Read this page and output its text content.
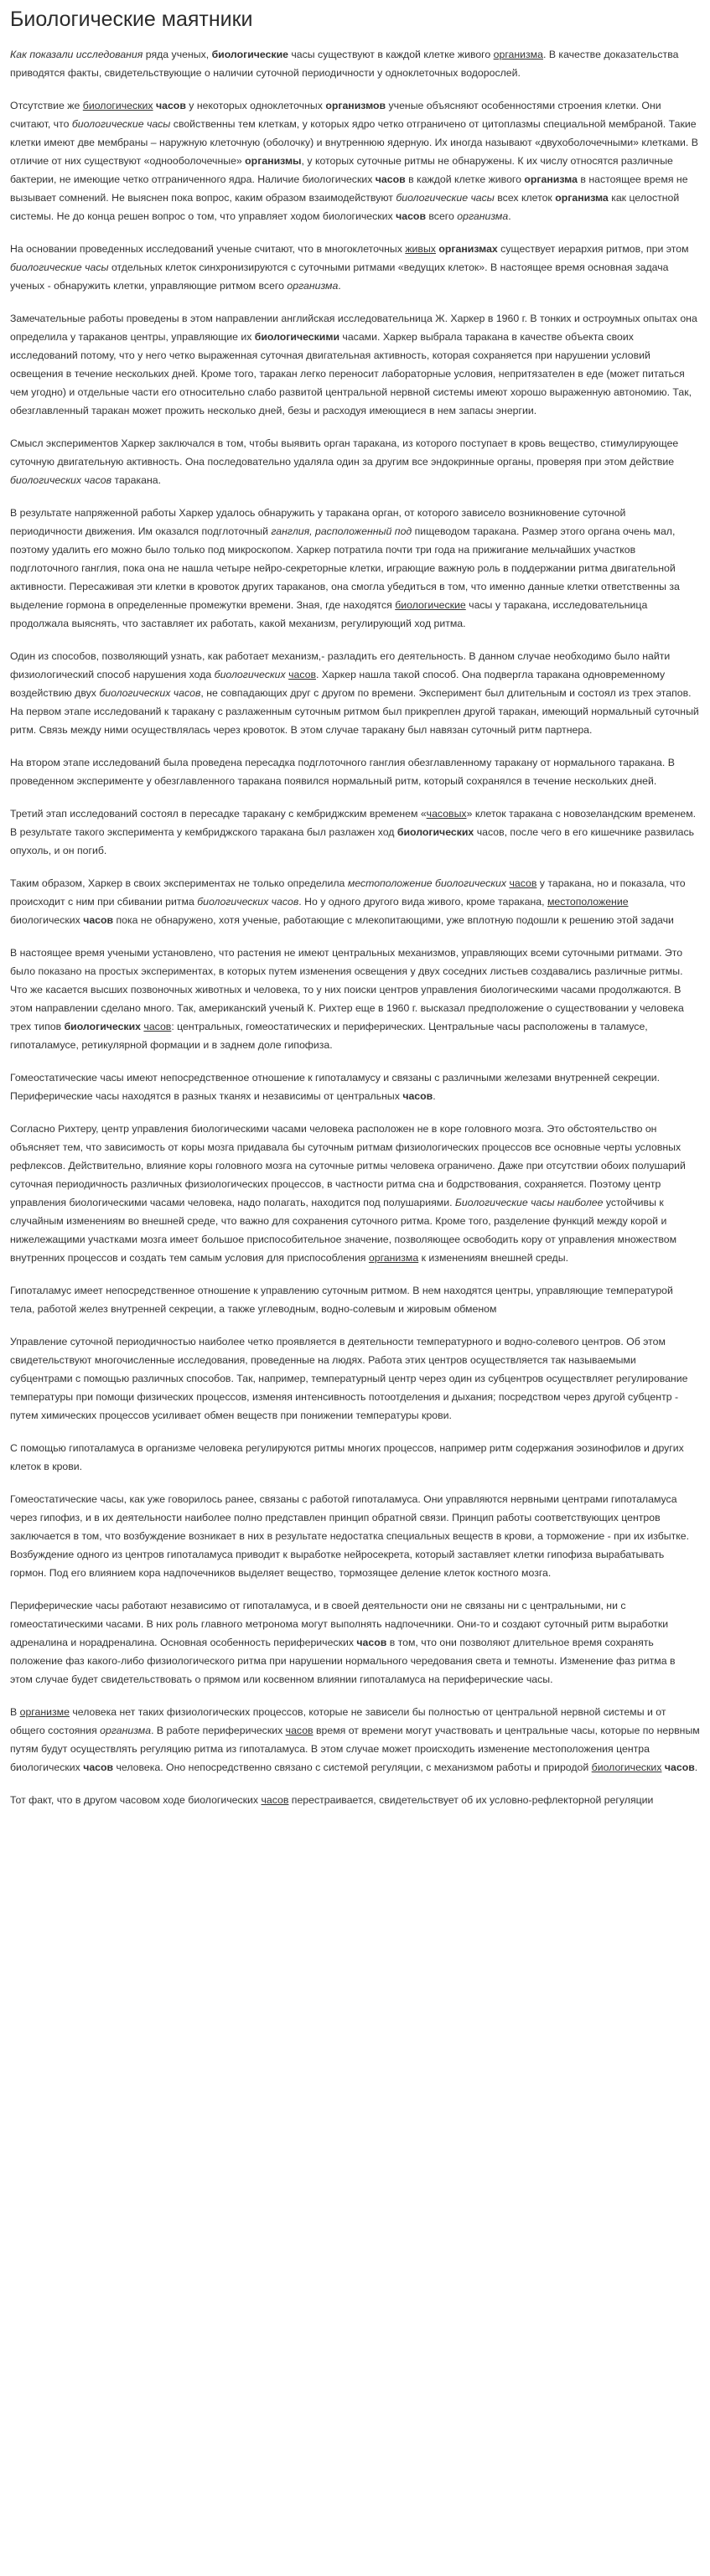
Биологические маятники

Как показали исследования ряда ученых, биологические часы существуют в каждой клетке живого организма. В качестве доказательства приводятся факты, свидетельствующие о наличии суточной периодичности у одноклеточных водорослей.

Отсутствие же биологических часов у некоторых одноклеточных организмов ученые объясняют особенностями строения клетки. Они считают, что биологические часы свойственны тем клеткам, у которых ядро четко отграничено от цитоплазмы специальной мембраной. Такие клетки имеют две мембраны – наружную клеточную (оболочку) и внутреннюю ядерную. Их иногда называют «двухоболочечными» клетками. В отличие от них существуют «однооболочечные» организмы, у которых суточные ритмы не обнаружены. К их числу относятся различные бактерии, не имеющие четко отграниченного ядра. Наличие биологических часов в каждой клетке живого организма в настоящее время не вызывает сомнений. Не выяснен пока вопрос, каким образом взаимодействуют биологические часы всех клеток организма как целостной системы. Не до конца решен вопрос о том, что управляет ходом биологических часов всего организма.

На основании проведенных исследований ученые считают, что в многоклеточных живых организмах существует иерархия ритмов, при этом биологические часы отдельных клеток синхронизируются с суточными ритмами «ведущих клеток». В настоящее время основная задача ученых - обнаружить клетки, управляющие ритмом всего организма.

Замечательные работы проведены в этом направлении английская исследовательница Ж. Харкер в 1960 г. В тонких и остроумных опытах она определила у тараканов центры, управляющие их биологическими часами. Харкер выбрала таракана в качестве объекта своих исследований потому, что у него четко выраженная суточная двигательная активность, которая сохраняется при нарушении условий освещения в течение нескольких дней. Кроме того, таракан легко переносит лабораторные условия, непритязателен в еде (может питаться чем угодно) и отдельные части его относительно слабо развитой центральной нервной системы имеют хорошо выраженную автономию. Так, обезглавленный таракан может прожить несколько дней, безы и расходуя имеющиеся в нем запасы энергии.

Смысл экспериментов Харкер заключался в том, чтобы выявить орган таракана, из которого поступает в кровь вещество, стимулирующее суточную двигательную активность. Она последовательно удаляла один за другим все эндокринные органы, проверяя при этом действие биологических часов таракана.

В результате напряженной работы Харкер удалось обнаружить у таракана орган, от которого зависело возникновение суточной периодичности движения. Им оказался подглоточный ганглия, расположенный под пищеводом таракана. Размер этого органа очень мал, поэтому удалить его можно было только под микроскопом. Харкер потратила почти три года на прижигание мельчайших участков подглоточного ганглия, пока она не нашла четыре нейро-секреторные клетки, играющие важную роль в поддержании ритма двигательной активности. Пересаживая эти клетки в кровоток других тараканов, она смогла убедиться в том, что именно данные клетки ответственны за выделение гормона в определенные промежутки времени. Зная, где находятся биологические часы у таракана, исследовательница продолжала выяснять, что заставляет их работать, какой механизм, регулирующий ход ритма.

Один из способов, позволяющий узнать, как работает механизм,- разладить его деятельность. В данном случае необходимо было найти физиологический способ нарушения хода биологических часов. Харкер нашла такой способ. Она подвергла таракана одновременному воздействию двух биологических часов, не совпадающих друг с другом по времени. Эксперимент был длительным и состоял из трех этапов. На первом этапе исследований к таракану с разлаженным суточным ритмом был прикреплен другой таракан, имеющий нормальный суточный ритм. Связь между ними осуществлялась через кровоток. В этом случае таракану был навязан суточный ритм партнера.

На втором этапе исследований была проведена пересадка подглоточного ганглия обезглавленному таракану от нормального таракана. В проведенном эксперименте у обезглавленного таракана появился нормальный ритм, который сохранялся в течение нескольких дней.

Третий этап исследований состоял в пересадке таракану с кембриджским временем «часовых» клеток таракана с новозеландским временем. В результате такого эксперимента у кембриджского таракана был разлажен ход биологических часов, после чего в его кишечнике развилась опухоль, и он погиб.

Таким образом, Харкер в своих экспериментах не только определила местоположение биологических часов у таракана, но и показала, что происходит с ним при сбивании ритма биологических часов. Но у одного другого вида живого, кроме таракана, местоположение биологических часов пока не обнаружено, хотя ученые, работающие с млекопитающими, уже вплотную подошли к решению этой задачи

В настоящее время учеными установлено, что растения не имеют центральных механизмов, управляющих всеми суточными ритмами. Это было показано на простых экспериментах, в которых путем изменения освещения у двух соседних листьев создавались различные ритмы. Что же касается высших позвоночных животных и человека, то у них поиски центров управления биологическими часами продолжаются. В этом направлении сделано много. Так, американский ученый К. Рихтер еще в 1960 г. высказал предположение о существовании у человека трех типов биологических часов: центральных, гомеостатических и периферических. Центральные часы расположены в таламусе, гипоталамусе, ретикулярной формации и в заднем доле гипофиза.

Гомеостатические часы имеют непосредственное отношение к гипоталамусу и связаны с различными железами внутренней секреции. Периферические часы находятся в разных тканях и независимы от центральных часов.

Согласно Рихтеру, центр управления биологическими часами человека расположен не в коре головного мозга. Это обстоятельство он объясняет тем, что зависимость от коры мозга придавала бы суточным ритмам физиологических процессов все основные черты условных рефлексов. Действительно, влияние коры головного мозга на суточные ритмы человека ограничено. Даже при отсутствии обоих полушарий суточная периодичность различных физиологических процессов, в частности ритма сна и бодрствования, сохраняется. Поэтому центр управления биологическими часами человека, надо полагать, находится под полушариями. Биологические часы наиболее устойчивы к случайным изменениям во внешней среде, что важно для сохранения суточного ритма. Кроме того, разделение функций между корой и нижележащими участками мозга имеет большое приспособительное значение, позволяющее освободить кору от управления множеством внутренних процессов и создать тем самым условия для приспособления организма к изменениям внешней среды.

Гипоталамус имеет непосредственное отношение к управлению суточным ритмом. В нем находятся центры, управляющие температурой тела, работой желез внутренней секреции, а также углеводным, водно-солевым и жировым обменом

Управление суточной периодичностью наиболее четко проявляется в деятельности температурного и водно-солевого центров. Об этом свидетельствуют многочисленные исследования, проведенные на людях. Работа этих центров осуществляется так называемыми субцентрами с помощью различных способов. Так, например, температурный центр через один из субцентров осуществляет регулирование температуры при помощи физических процессов, изменяя интенсивность потоотделения и дыхания; посредством через другой субцентр - путем химических процессов усиливает обмен веществ при понижении температуры крови.

С помощью гипоталамуса в организме человека регулируются ритмы многих процессов, например ритм содержания эозинофилов и других клеток в крови.

Гомеостатические часы, как уже говорилось ранее, связаны с работой гипоталамуса. Они управляются нервными центрами гипоталамуса через гипофиз, и в их деятельности наиболее полно представлен принцип обратной связи. Принцип работы соответствующих центров заключается в том, что возбуждение возникает в них в результате недостатка специальных веществ в крови, а торможение - при их избытке. Возбуждение одного из центров гипоталамуса приводит к выработке нейросекрета, который заставляет клетки гипофиза вырабатывать гормон. Под его влиянием кора надпочечников выделяет вещество, тормозящее деление клеток костного мозга.

Периферические часы работают независимо от гипоталамуса, и в своей деятельности они не связаны ни с центральными, ни с гомеостатическими часами. В них роль главного метронома могут выполнять надпочечники. Они-то и создают суточный ритм выработки адреналина и норадреналина. Основная особенность периферических часов в том, что они позволяют длительное время сохранять положение фаз какого-либо физиологического ритма при нарушении нормального чередования света и темноты. Изменение фаз ритма в этом случае будет свидетельствовать о прямом или косвенном влиянии гипоталамуса на периферические часы.

В организме человека нет таких физиологических процессов, которые не зависели бы полностью от центральной нервной системы и от общего состояния организма. В работе периферических часов время от времени могут участвовать и центральные часы, которые по нервным путям будут осуществлять регуляцию ритма из гипоталамуса. В этом случае может происходить изменение местоположения центра биологических часов человека. Оно непосредственно связано с системой регуляции, с механизмом работы и природой биологических часов.

Тот факт, что в другом часовом ходе биологических часов перестраивается, свидетельствует об их условно-рефлекторной регуляции
